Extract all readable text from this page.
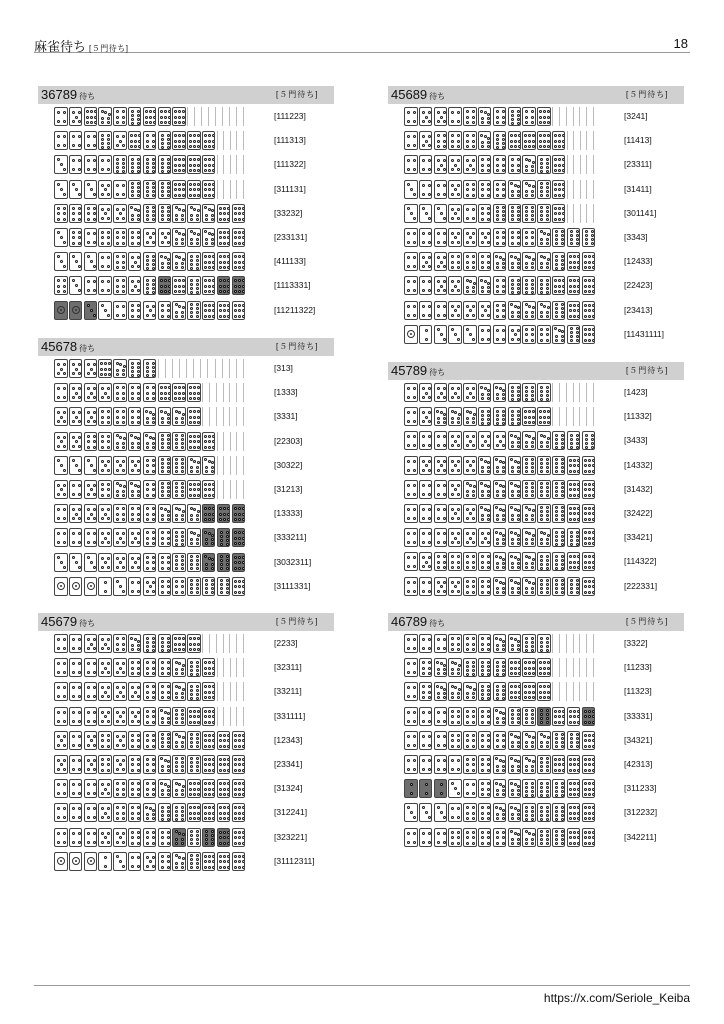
麻雀待ち [５門待ち]	18
36789 待ち	[５門待ち]
[111223]
[111313]
[111322]
[311131]
[33232]
[233131]
[411133]
[1113331]
[11211322]
45678 待ち	[５門待ち]
[313]
[1333]
[3331]
[22303]
[30322]
[31213]
[13333]
[333211]
[3032311]
[3111331]
45679 待ち	[５門待ち]
[2233]
[32311]
[33211]
[331111]
[12343]
[23341]
[31324]
[312241]
[323221]
[31112311]
45689 待ち	[５門待ち]
[3241]
[11413]
[23311]
[31411]
[301141]
[3343]
[12433]
[22423]
[23413]
[11431111]
45789 待ち	[５門待ち]
[1423]
[11332]
[3433]
[14332]
[31432]
[32422]
[33421]
[114322]
[222331]
46789 待ち	[５門待ち]
[3322]
[11233]
[11323]
[33331]
[34321]
[42313]
[311233]
[312232]
[342211]
https://x.com/Seriole_Keiba
